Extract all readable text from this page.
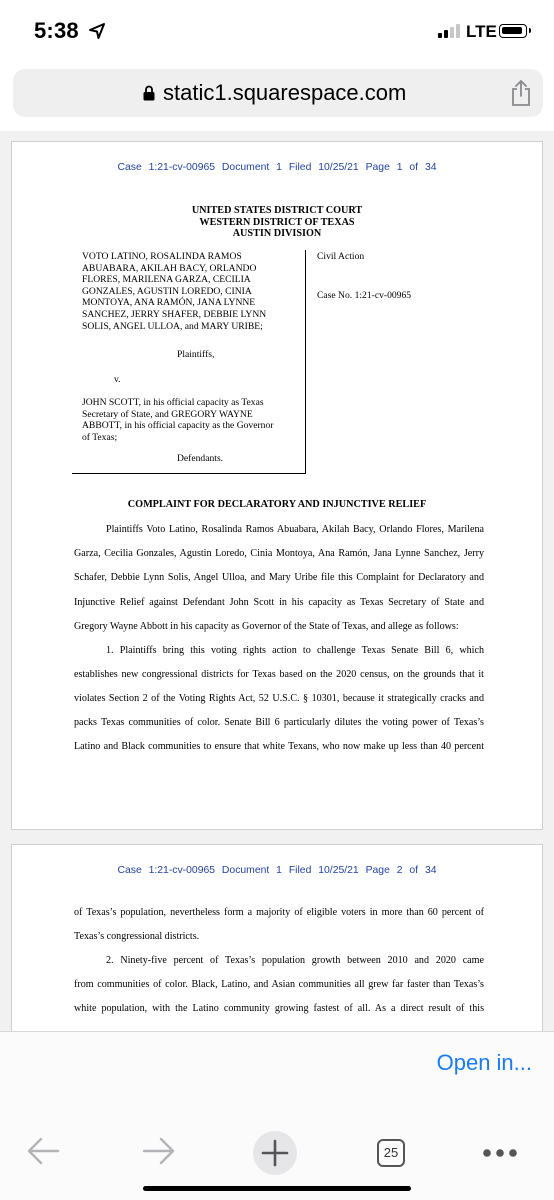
5:38	LTE
static1.squarespace.com
Case 1:21-cv-00965 Document 1 Filed 10/25/21 Page 1 of 34
UNITED STATES DISTRICT COURT
WESTERN DISTRICT OF TEXAS
AUSTIN DIVISION
VOTO LATINO, ROSALINDA RAMOS
ABUABARA, AKILAH BACY, ORLANDO
FLORES, MARILENA GARZA, CECILIA
GONZALES, AGUSTIN LOREDO, CINIA
MONTOYA, ANA RAMÓN, JANA LYNNE
SANCHEZ, JERRY SHAFER, DEBBIE LYNN
SOLIS, ANGEL ULLOA, and MARY URIBE;
Plaintiffs,
v.
JOHN SCOTT, in his official capacity as Texas
Secretary of State, and GREGORY WAYNE
ABBOTT, in his official capacity as the Governor
of Texas;
Defendants.
Civil Action
Case No. 1:21-cv-00965
COMPLAINT FOR DECLARATORY AND INJUNCTIVE RELIEF
Plaintiffs Voto Latino, Rosalinda Ramos Abuabara, Akilah Bacy, Orlando Flores, Marilena
Garza, Cecilia Gonzales, Agustin Loredo, Cinia Montoya, Ana Ramón, Jana Lynne Sanchez, Jerry
Schafer, Debbie Lynn Solis, Angel Ulloa, and Mary Uribe file this Complaint for Declaratory and
Injunctive Relief against Defendant John Scott in his capacity as Texas Secretary of State and
Gregory Wayne Abbott in his capacity as Governor of the State of Texas, and allege as follows:
1. Plaintiffs bring this voting rights action to challenge Texas Senate Bill 6, which
establishes new congressional districts for Texas based on the 2020 census, on the grounds that it
violates Section 2 of the Voting Rights Act, 52 U.S.C. § 10301, because it strategically cracks and
packs Texas communities of color. Senate Bill 6 particularly dilutes the voting power of Texas’s
Latino and Black communities to ensure that white Texans, who now make up less than 40 percent
Case 1:21-cv-00965 Document 1 Filed 10/25/21 Page 2 of 34
of Texas’s population, nevertheless form a majority of eligible voters in more than 60 percent of
Texas’s congressional districts.
2. Ninety-five percent of Texas’s population growth between 2010 and 2020 came
from communities of color. Black, Latino, and Asian communities all grew far faster than Texas’s
white population, with the Latino community growing fastest of all. As a direct result of this
Open in...
25
